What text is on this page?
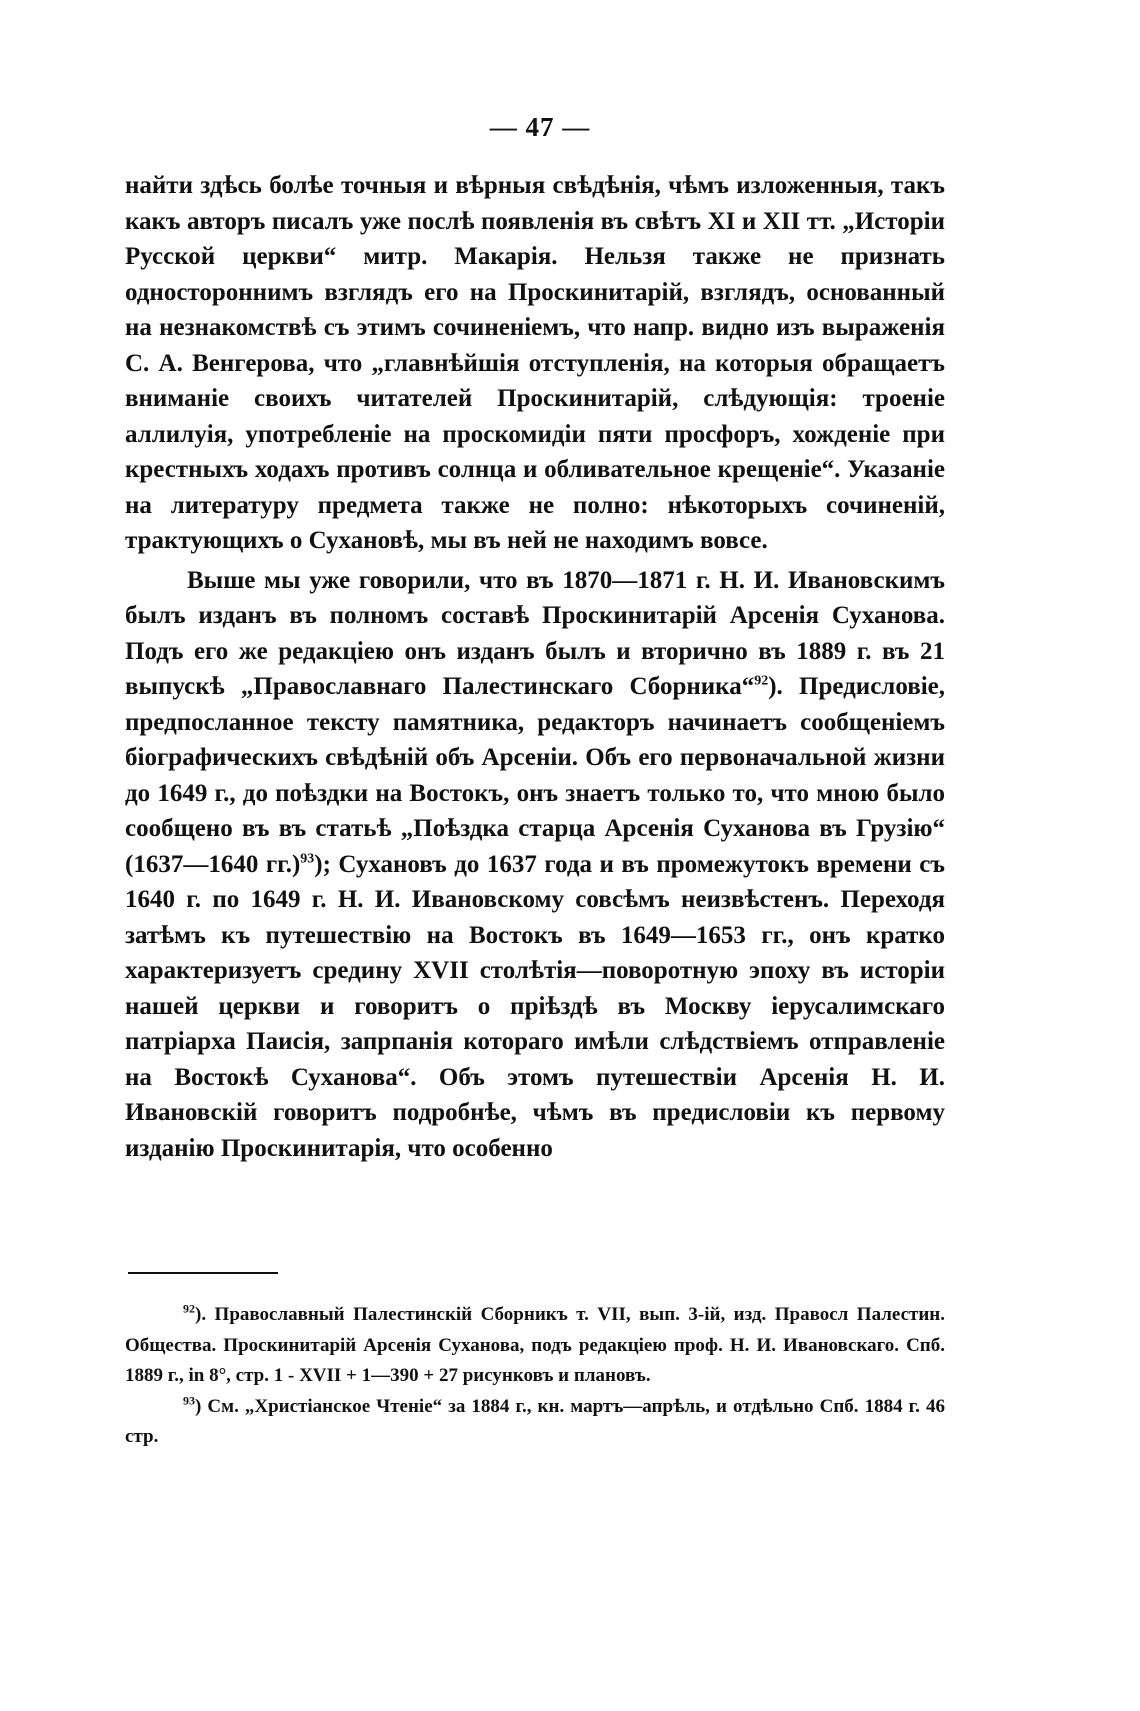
— 47 —

найти здѣсь болѣе точныя и вѣрныя свѣдѣнія, чѣмъ изложенныя, такъ какъ авторъ писалъ уже послѣ появленія въ свѣтъ XI и XII тт. „Исторіи Русской церкви“ митр. Макарія. Нельзя также не признать одностороннимъ взглядъ его на Проскинитарій, взглядъ, основанный на незнакомствѣ съ этимъ сочиненіемъ, что напр. видно изъ выраженія С. А. Венгерова, что „главнѣйшія отступленія, на которыя обращаетъ вниманіе своихъ читателей Проскинитарій, слѣдующія: троеніе аллилуія, употребленіе на проскомидіи пяти просфоръ, хожденіе при крестныхъ ходахъ противъ солнца и обливательное крещеніе“. Указаніе на литературу предмета также не полно: нѣкоторыхъ сочиненій, трактующихъ о Сухановѣ, мы въ ней не находимъ вовсе.

Выше мы уже говорили, что въ 1870—1871 г. Н. И. Ивановскимъ былъ изданъ въ полномъ составѣ Проскинитарій Арсенія Суханова. Подъ его же редакціею онъ изданъ былъ и вторично въ 1889 г. въ 21 выпускѣ „Православнаго Палестинскаго Сборника“$^{92}$). Предисловіе, предпосланное тексту памятника, редакторъ начинаетъ сообщеніемъ біографическихъ свѣдѣній объ Арсеніи. Объ его первоначальной жизни до 1649 г., до поѣздки на Востокъ, онъ знаетъ только то, что мною было сообщено въ въ статьѣ „Поѣздка старца Арсенія Суханова въ Грузію“ (1637—1640 гг.)$^{93}$); Сухановъ до 1637 года и въ промежутокъ времени съ 1640 г. по 1649 г. Н. И. Ивановскому совсѣмъ неизвѣстенъ. Переходя затѣмъ къ путешествію на Востокъ въ 1649—1653 гг., онъ кратко характеризуетъ средину XVII столѣтія—поворотную эпоху въ исторіи нашей церкви и говоритъ о пріѣздѣ въ Москву іерусалимскаго патріарха Паисія, запрпанія котораго имѣли слѣдствіемъ отправленіе на Востокѣ Суханова“. Объ этомъ путешествіи Арсенія Н. И. Ивановскій говоритъ подробнѣе, чѣмъ въ предисловіи къ первому изданію Проскинитарія, что особенно

$^{92}$). Православный Палестинскій Сборникъ т. VII, вып. 3-ій, изд. Правосл Палестин. Общества. Проскинитарій Арсенія Суханова, подъ редакціею проф. Н. И. Ивановскаго. Спб. 1889 г., in 8°, стр. 1 - XVII + 1—390 + 27 рисунковъ и плановъ.

$^{93}$) См. „Христіанское Чтеніе“ за 1884 г., кн. мартъ—апрѣль, и отдѣльно Спб. 1884 г. 46 стр.
